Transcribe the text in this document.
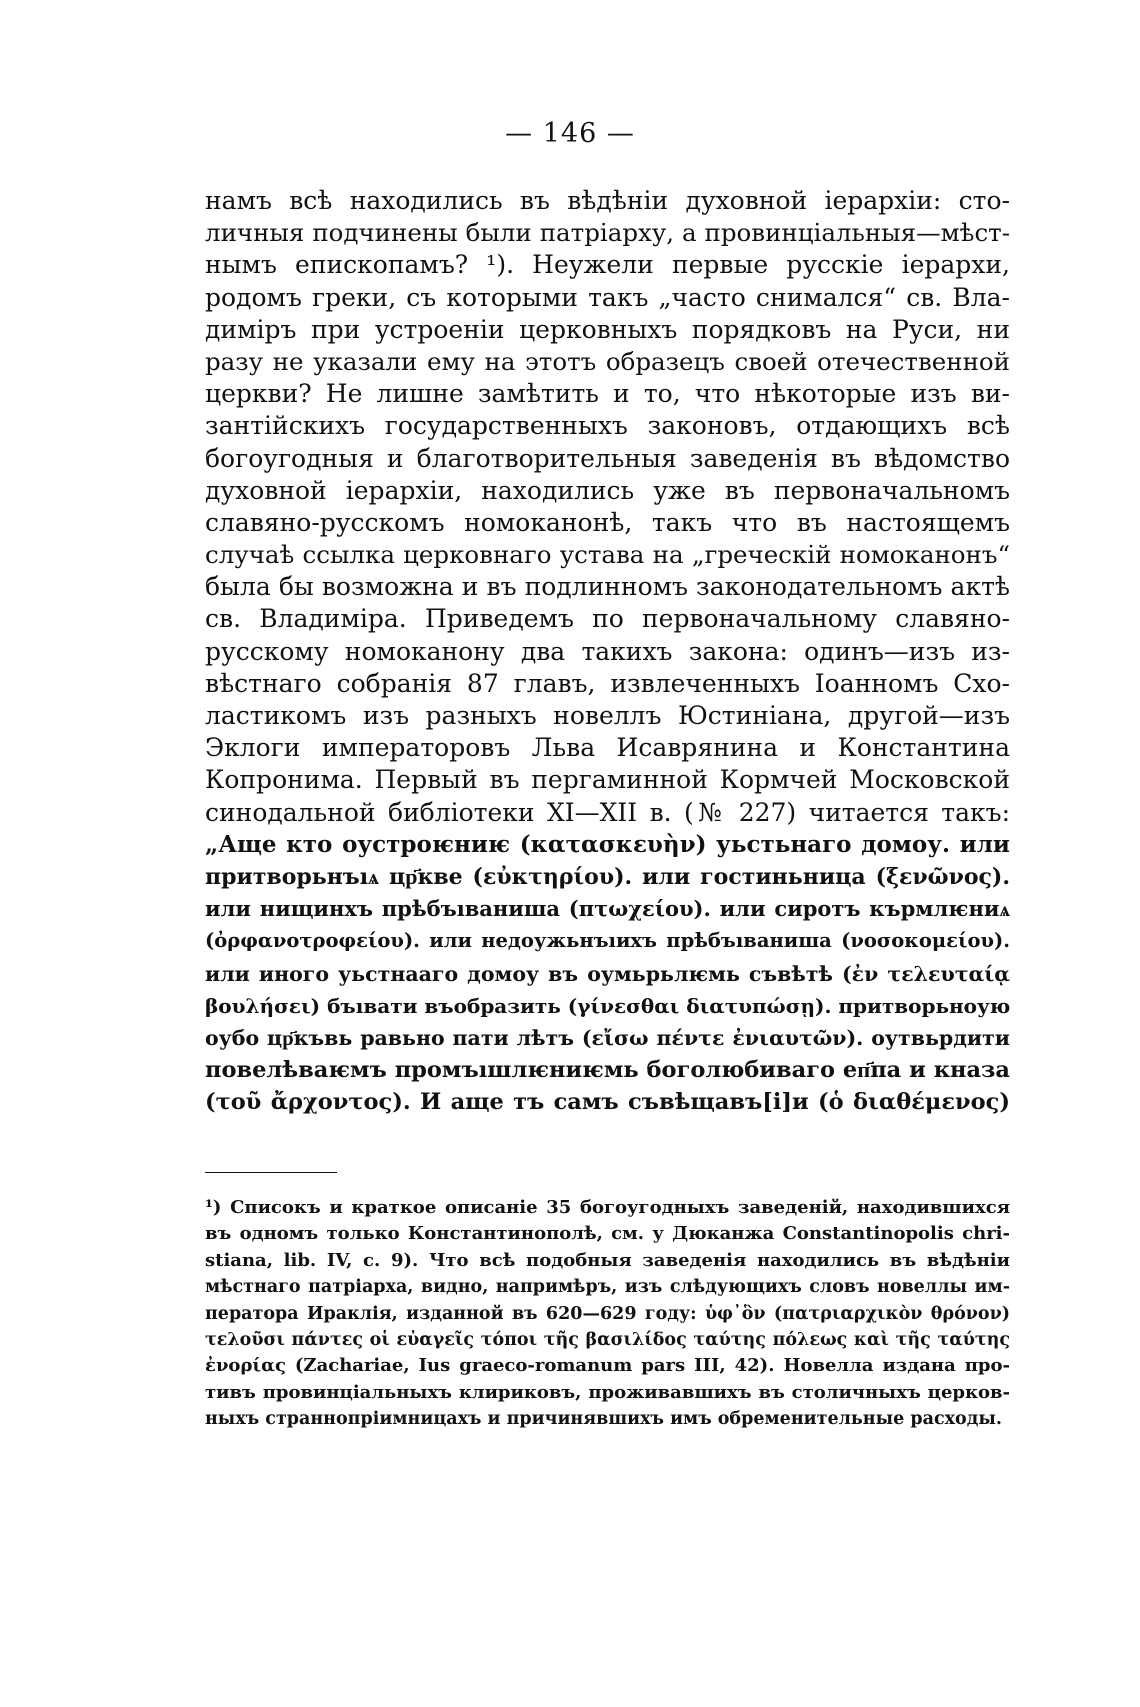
— 146 —
намъ всѣ находились въ вѣдѣніи духовной іерархіи: сто-
личныя подчинены были патріарху, а провинціальныя—мѣст-
нымъ епископамъ? ¹). Неужели первые русскіе іерархи,
родомъ греки, съ которыми такъ „часто снимался“ св. Вла-
диміръ при устроеніи церковныхъ порядковъ на Руси, ни
разу не указали ему на этотъ образецъ своей отечественной
церкви? Не лишне замѣтить и то, что нѣкоторые изъ ви-
зантійскихъ государственныхъ законовъ, отдающихъ всѣ
богоугодныя и благотворительныя заведенія въ вѣдомство
духовной іерархіи, находились уже въ первоначальномъ
славяно-русскомъ номоканонѣ, такъ что въ настоящемъ
случаѣ ссылка церковнаго устава на „греческій номоканонъ“
была бы возможна и въ подлинномъ законодательномъ актѣ
св. Владиміра. Приведемъ по первоначальному славяно-
русскому номоканону два такихъ закона: одинъ—изъ из-
вѣстнаго собранія 87 главъ, извлеченныхъ Іоанномъ Схо-
ластикомъ изъ разныхъ новеллъ Юстиніана, другой—изъ
Эклоги императоровъ Льва Исаврянина и Константина
Копронима. Первый въ пергаминной Кормчей Московской
синодальной библіотеки XI—XII в. (№ 227) читается такъ:
„Аще кто оустроѥниѥ (κατασκευὴν) уьстьнаго домоу. или
притворьнъıѧ цр҃кве (εὐκτηρίου). или гостиньница (ξενῶνος).
или нищинхъ прѣбъıваниша (πτωχείου). или сиротъ кърмлѥниѧ
(ὀρφανοτροφείου). или недоужьнъıихъ прѣбъıваниша (νοσοκομείου).
или иного уьстнааго домоу въ оумьрьлѥмь съвѣтѣ (ἐν τελευταίᾳ
βουλήσει) бъıвати въобразить (γίνεσθαι διατυπώσῃ). притворьноую
оубо цр҃къвь равьно пати лѣтъ (εἴσω πέντε ἐνιαυτῶν). оутвьрдити
повелѣваѥмъ промъıшлѥниѥмь боголюбиваго еп҃па и кназа
(τοῦ ἄρχοντος). И аще тъ самъ съвѣщавъ[і]и (ὁ διαθέμενος)
¹) Списокъ и краткое описаніе 35 богоугодныхъ заведеній, находившихся
въ одномъ только Константинополѣ, см. у Дюканжа Constantinopolis chri-
stiana, lib. IV, c. 9). Что всѣ подобныя заведенія находились въ вѣдѣніи
мѣстнаго патріарха, видно, напримѣръ, изъ слѣдующихъ словъ новеллы им-
ператора Ираклія, изданной въ 620—629 году: ὑφ᾽ὃν (πατριαρχικὸν θρόνον)
τελοῦσι πάντες οἱ εὐαγεῖς τόποι τῆς βασιλίδος ταύτης πόλεως καὶ τῆς ταύτης
ἐνορίας (Zachariae, Ius graeco-romanum pars III, 42). Новелла издана про-
тивъ провинціальныхъ клириковъ, проживавшихъ въ столичныхъ церков-
ныхъ страннопріимницахъ и причинявшихъ имъ обременительные расходы.
